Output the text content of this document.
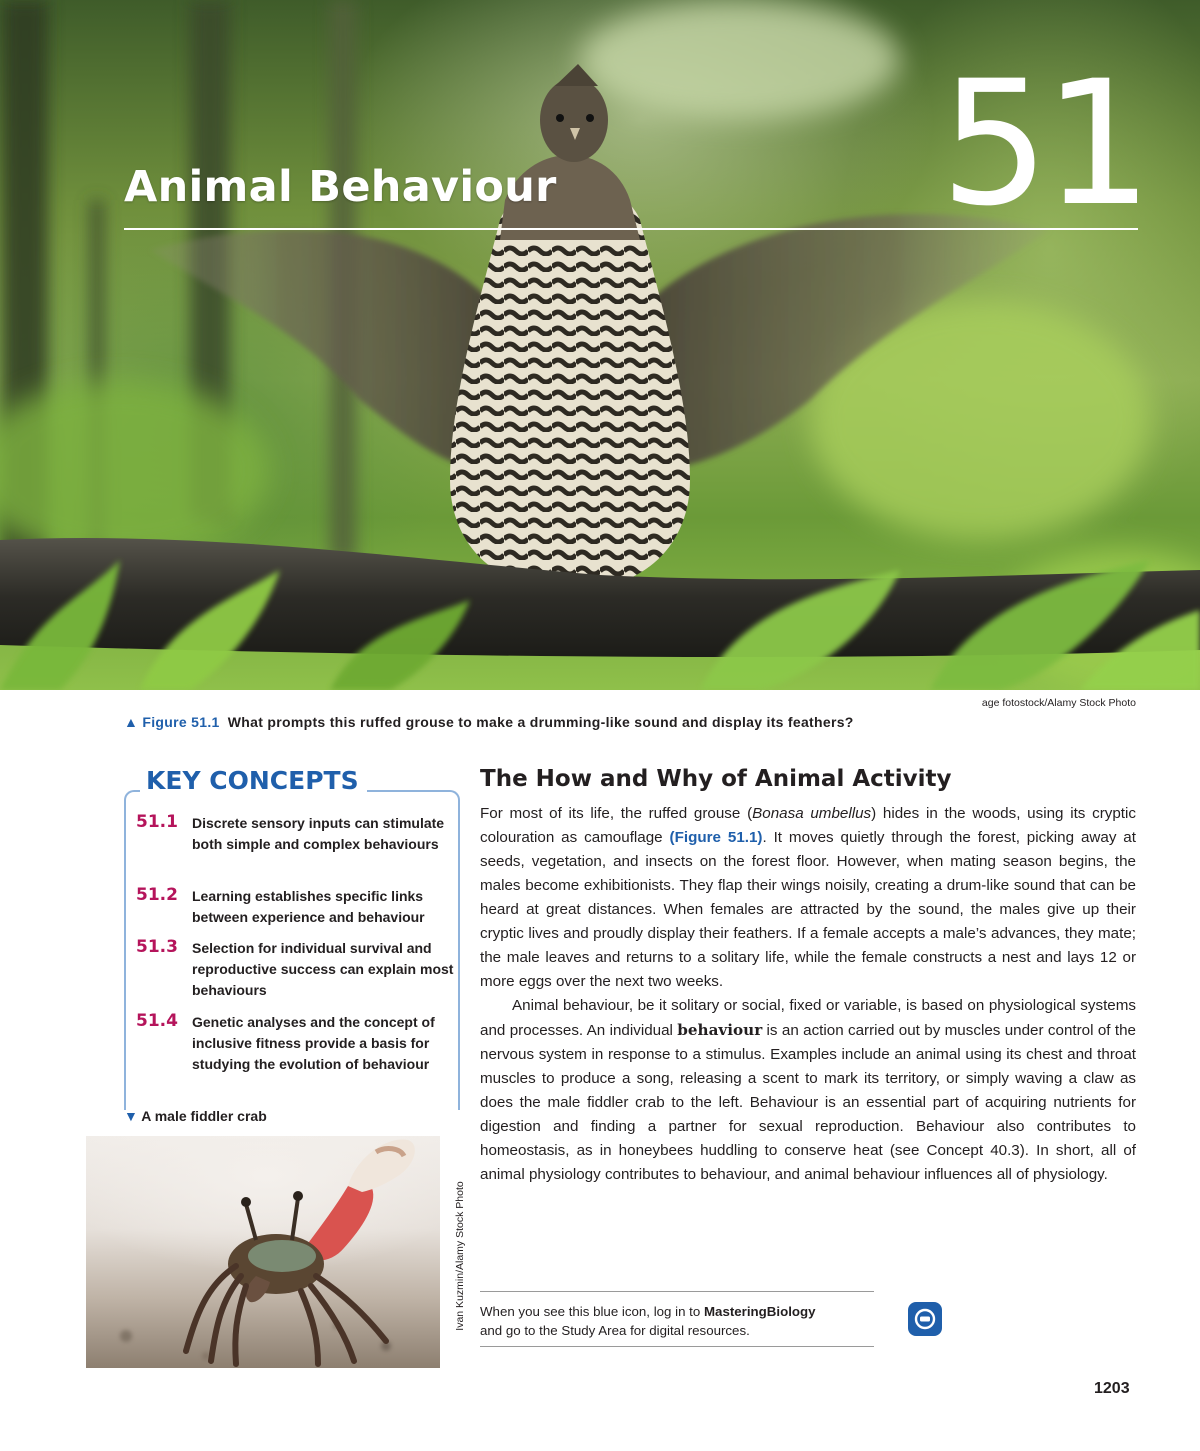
Animal Behaviour 51
age fotostock/Alamy Stock Photo
▲ Figure 51.1 What prompts this ruffed grouse to make a drumming-like sound and display its feathers?
KEY CONCEPTS
51.1 Discrete sensory inputs can stimulate both simple and complex behaviours
51.2 Learning establishes specific links between experience and behaviour
51.3 Selection for individual survival and reproductive success can explain most behaviours
51.4 Genetic analyses and the concept of inclusive fitness provide a basis for studying the evolution of behaviour
▼ A male fiddler crab
Ivan Kuzmin/Alamy Stock Photo
The How and Why of Animal Activity

For most of its life, the ruffed grouse (Bonasa umbellus) hides in the woods, using its cryptic colouration as camouflage (Figure 51.1). It moves quietly through the forest, picking away at seeds, vegetation, and insects on the forest floor. However, when mating season begins, the males become exhibitionists. They flap their wings noisily, creating a drum-like sound that can be heard at great distances. When females are attracted by the sound, the males give up their cryptic lives and proudly display their feathers. If a female accepts a male’s advances, they mate; the male leaves and returns to a solitary life, while the female constructs a nest and lays 12 or more eggs over the next two weeks.

Animal behaviour, be it solitary or social, fixed or variable, is based on physiological systems and processes. An individual behaviour is an action carried out by muscles under control of the nervous system in response to a stimulus. Examples include an animal using its chest and throat muscles to produce a song, releasing a scent to mark its territory, or simply waving a claw as does the male fiddler crab to the left. Behaviour is an essential part of acquiring nutrients for digestion and finding a partner for sexual reproduction. Behaviour also contributes to homeostasis, as in honeybees huddling to conserve heat (see Concept 40.3). In short, all of animal physiology contributes to behaviour, and animal behaviour influences all of physiology.

When you see this blue icon, log in to MasteringBiology
and go to the Study Area for digital resources.
1203
